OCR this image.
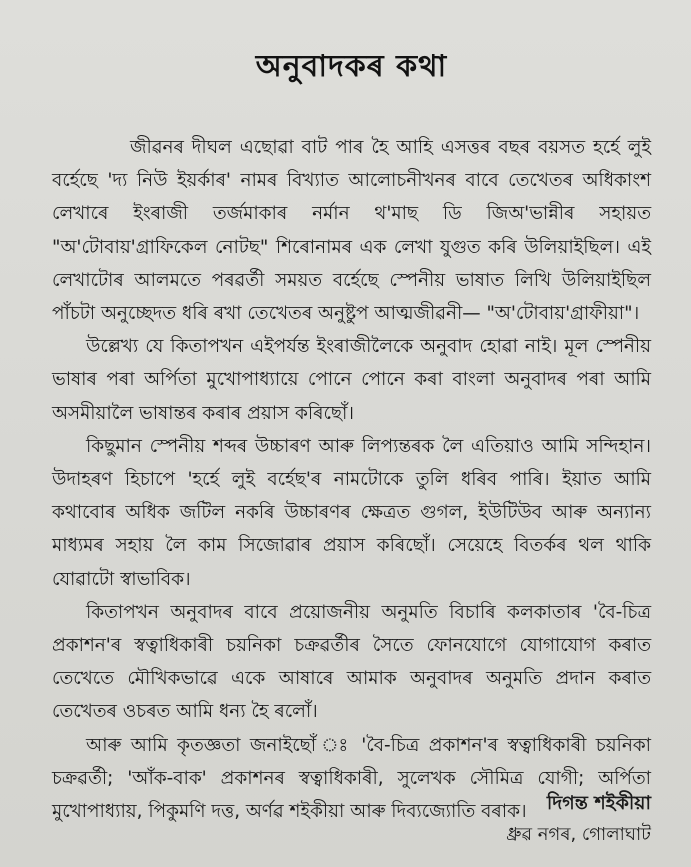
অনুবাদকৰ কথা

জীৱনৰ দীঘল এছোৱা বাট পাৰ হৈ আহি এসত্তৰ বছৰ বয়সত হৰ্হে লুই বৰ্হেছে 'দ্য নিউ ইয়ৰ্কাৰ' নামৰ বিখ্যাত আলোচনীখনৰ বাবে তেখেতৰ অধিকাংশ লেখাৰে ইংৰাজী তৰ্জমাকাৰ নৰ্মান থ'মাছ ডি জিঅ'ভান্নীৰ সহায়ত "অ'টোবায়'গ্ৰাফিকেল নোটছ" শিৰোনামৰ এক লেখা যুগুত কৰি উলিয়াইছিল। এই লেখাটোৰ আলমতে পৰৱৰ্তী সময়ত বৰ্হেছে স্পেনীয় ভাষাত লিখি উলিয়াইছিল পাঁচটা অনুচ্ছেদত ধৰি ৰখা তেখেতৰ অনুষ্টুপ আত্মজীৱনী— "অ'টোবায়'গ্ৰাফীয়া"।

উল্লেখ্য যে কিতাপখন এইপৰ্যন্ত ইংৰাজীলৈকে অনুবাদ হোৱা নাই। মূল স্পেনীয় ভাষাৰ পৰা অৰ্পিতা মুখোপাধ্যায়ে পোনে পোনে কৰা বাংলা অনুবাদৰ পৰা আমি অসমীয়ালৈ ভাষান্তৰ কৰাৰ প্ৰয়াস কৰিছোঁ।

কিছুমান স্পেনীয় শব্দৰ উচ্চাৰণ আৰু লিপ্যন্তৰক লৈ এতিয়াও আমি সন্দিহান। উদাহৰণ হিচাপে 'হৰ্হে লুই বৰ্হেছ'ৰ নামটোকে তুলি ধৰিব পাৰি। ইয়াত আমি কথাবোৰ অধিক জটিল নকৰি উচ্চাৰণৰ ক্ষেত্ৰত গুগল, ইউটিউব আৰু অন্যান্য মাধ্যমৰ সহায় লৈ কাম সিজোৱাৰ প্ৰয়াস কৰিছোঁ। সেয়েহে বিতৰ্কৰ থল থাকি যোৱাটো স্বাভাবিক।

কিতাপখন অনুবাদৰ বাবে প্ৰয়োজনীয় অনুমতি বিচাৰি কলকাতাৰ 'বৈ-চিত্ৰ প্ৰকাশন'ৰ স্বত্বাধিকাৰী চয়নিকা চক্ৰৱৰ্তীৰ সৈতে ফোনযোগে যোগাযোগ কৰাত তেখেতে মৌখিকভাৱে একে আষাৰে আমাক অনুবাদৰ অনুমতি প্ৰদান কৰাত তেখেতৰ ওচৰত আমি ধন্য হৈ ৰলোঁ।

আৰু আমি কৃতজ্ঞতা জনাইছোঁ ঃ 'বৈ-চিত্ৰ প্ৰকাশন'ৰ স্বত্বাধিকাৰী চয়নিকা চক্ৰৱৰ্তী; 'আঁক-বাক' প্ৰকাশনৰ স্বত্বাধিকাৰী, সুলেখক সৌমিত্ৰ যোগী; অৰ্পিতা মুখোপাধ্যায়, পিকুমণি দত্ত, অৰ্ণৱ শইকীয়া আৰু দিব্যজ্যোতি বৰাক।	দিগন্ত শইকীয়া
ধ্ৰুৱ নগৰ, গোলাঘাট
